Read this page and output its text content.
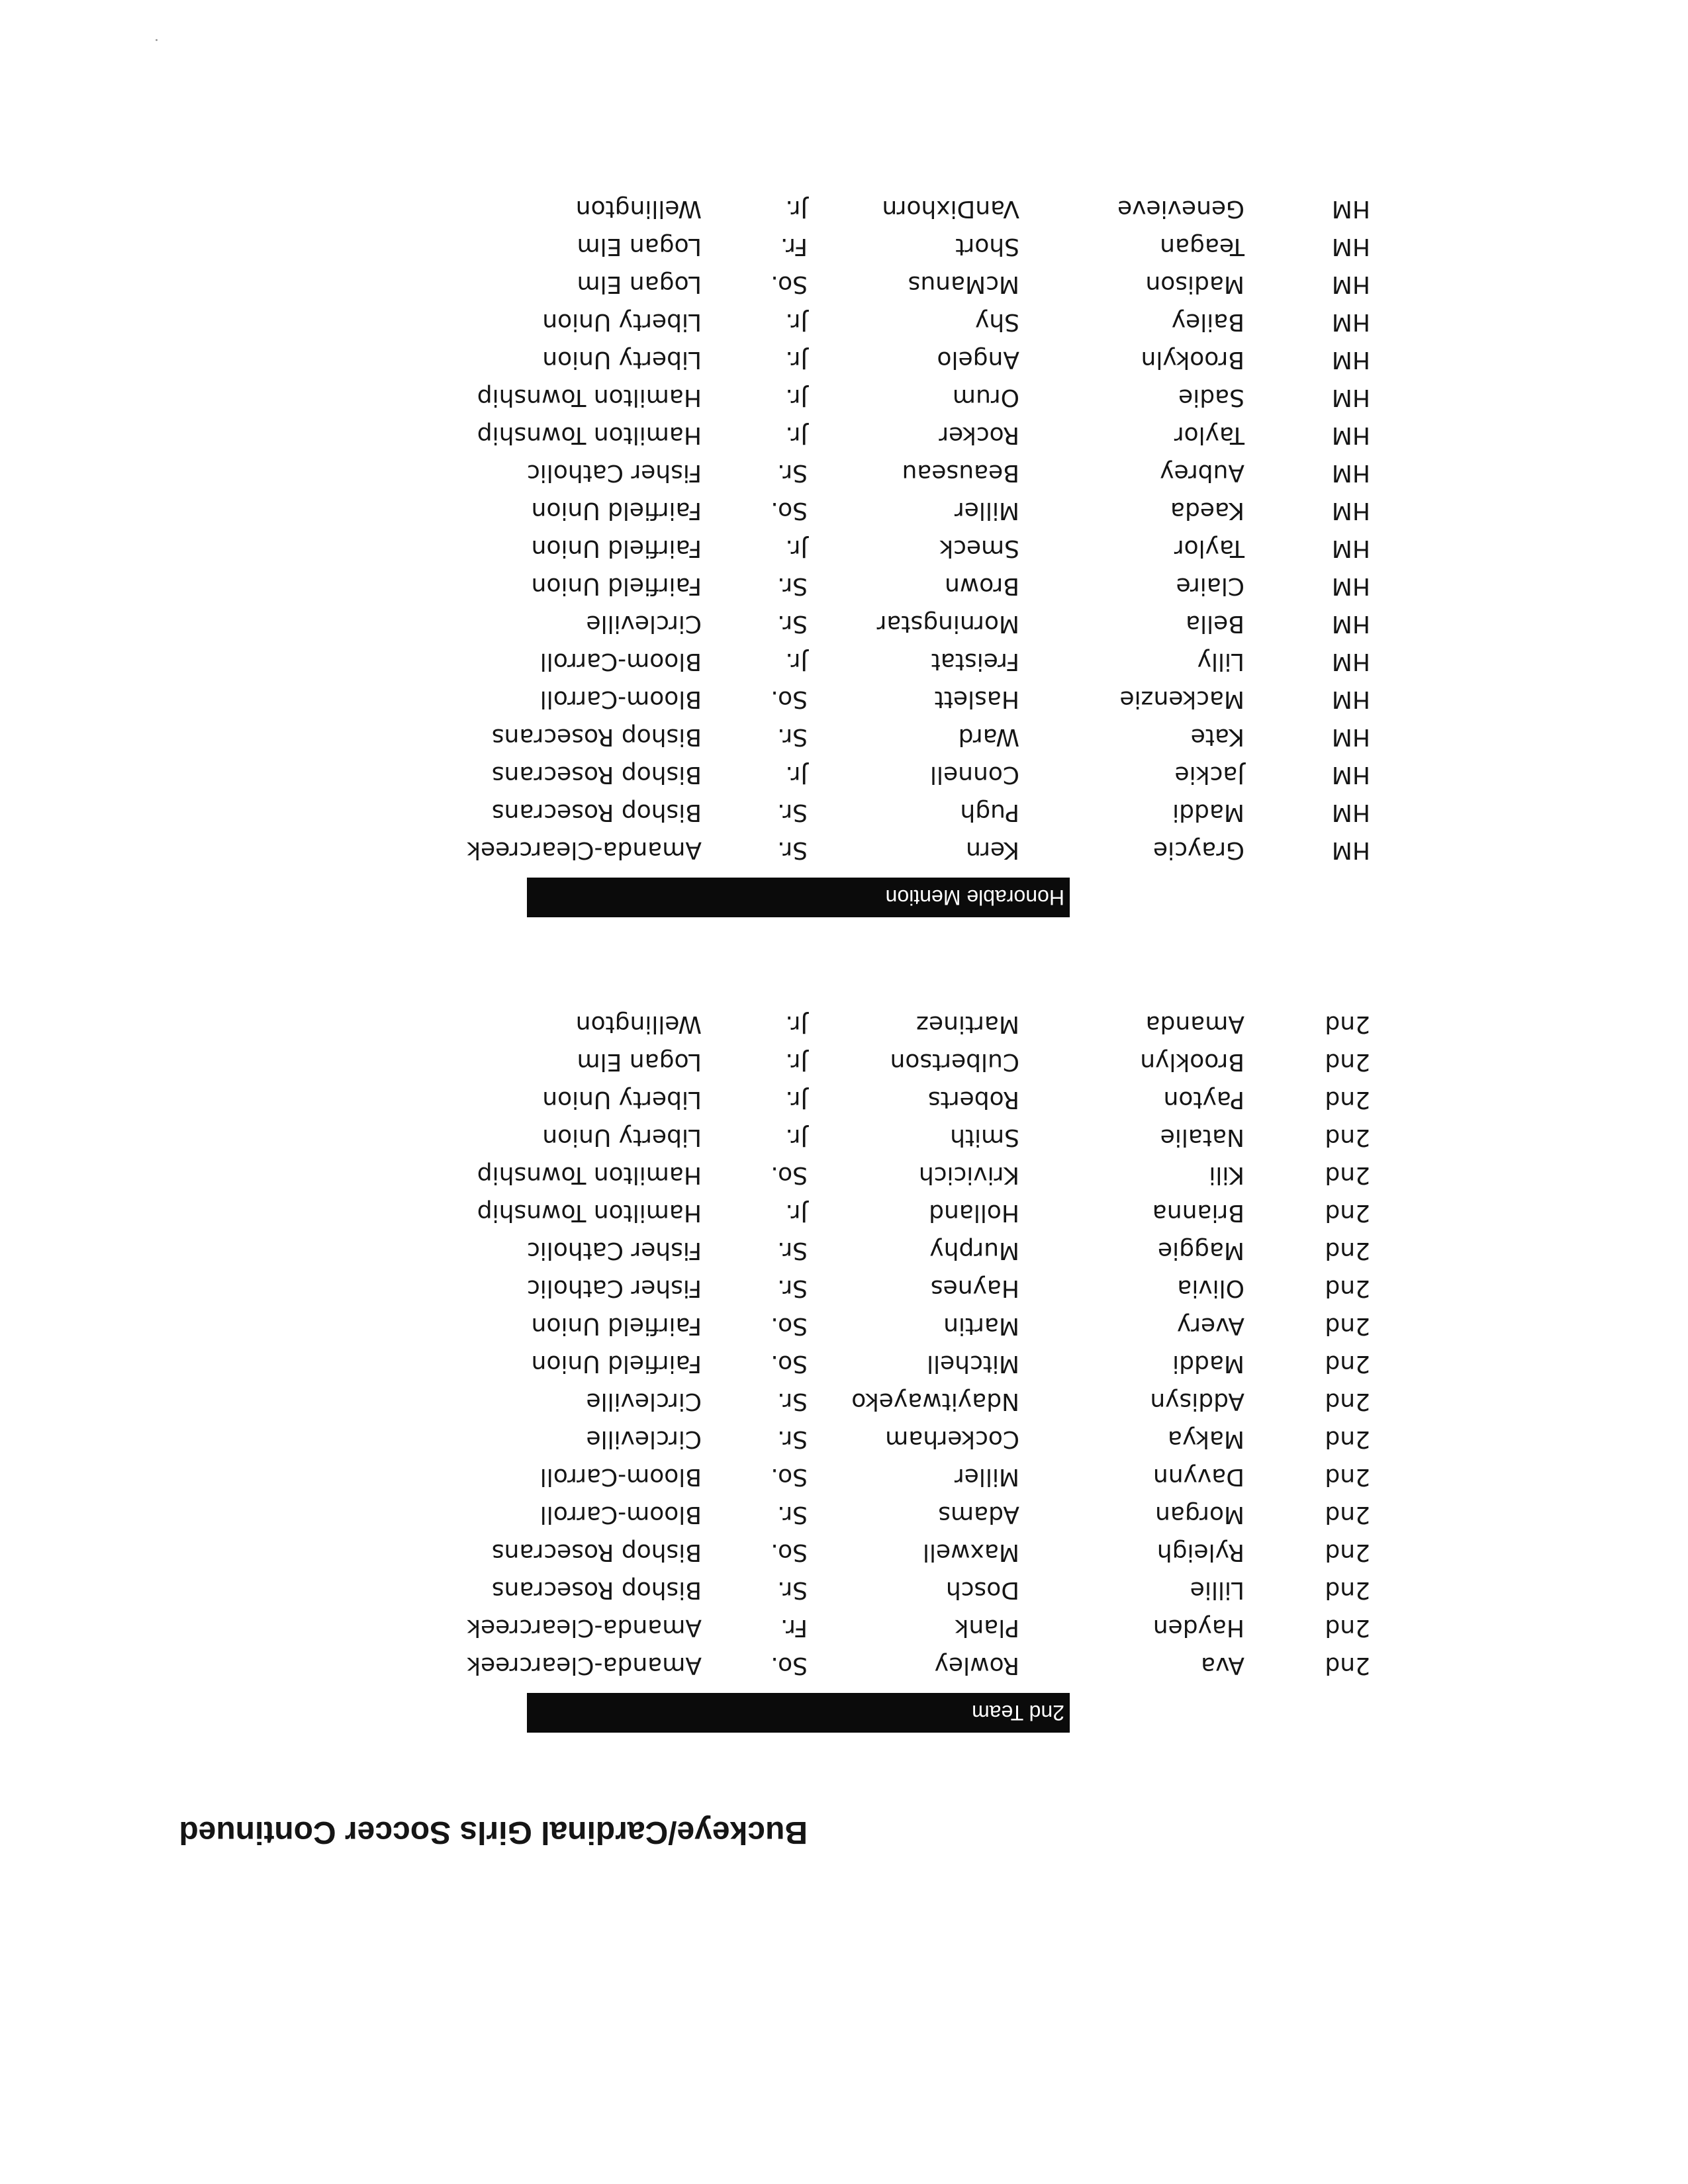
Buckeye/Cardinal Girls Soccer Continued
2nd Team
2nd
Ava
Rowley
So.
Amanda-Clearcreek
2nd
Hayden
Plank
Fr.
Amanda-Clearcreek
2nd
Lillie
Dosch
Sr.
Bishop Rosecrans
2nd
Ryleigh
Maxwell
So.
Bishop Rosecrans
2nd
Morgan
Adams
Sr.
Bloom-Carroll
2nd
Davynn
Miller
So.
Bloom-Carroll
2nd
Makya
Cockerham
Sr.
Circleville
2nd
Addisyn
Ndayitwayeko
Sr.
Circleville
2nd
Maddi
Mitchell
So.
Fairfield Union
2nd
Avery
Martin
So.
Fairfield Union
2nd
Olivia
Haynes
Sr.
Fisher Catholic
2nd
Maggie
Murphy
Sr.
Fisher Catholic
2nd
Brianna
Holland
Jr.
Hamilton Township
2nd
Kili
Krivicich
So.
Hamilton Township
2nd
Natalie
Smith
Jr.
Liberty Union
2nd
Payton
Roberts
Jr.
Liberty Union
2nd
Brooklyn
Culbertson
Jr.
Logan Elm
2nd
Amanda
Martinez
Jr.
Wellington
Honorable Mention
HM
Graycie
Kern
Sr.
Amanda-Clearcreek
HM
Maddi
Pugh
Sr.
Bishop Rosecrans
HM
Jackie
Connell
Jr.
Bishop Rosecrans
HM
Kate
Ward
Sr.
Bishop Rosecrans
HM
Mackenzie
Haslett
So.
Bloom-Carroll
HM
Lilly
Freistat
Jr.
Bloom-Carroll
HM
Bella
Morningstar
Sr.
Circleville
HM
Claire
Brown
Sr.
Fairfield Union
HM
Taylor
Smeck
Jr.
Fairfield Union
HM
Kaeda
Miller
So.
Fairfield Union
HM
Aubrey
Beauseau
Sr.
Fisher Catholic
HM
Taylor
Rocker
Jr.
Hamilton Township
HM
Sadie
Orum
Jr.
Hamilton Township
HM
Brookyln
Angelo
Jr.
Liberty Union
HM
Bailey
Shy
Jr.
Liberty Union
HM
Madison
McManus
So.
Logan Elm
HM
Teagan
Short
Fr.
Logan Elm
HM
Genevieve
VanDixhorn
Jr.
Wellington
